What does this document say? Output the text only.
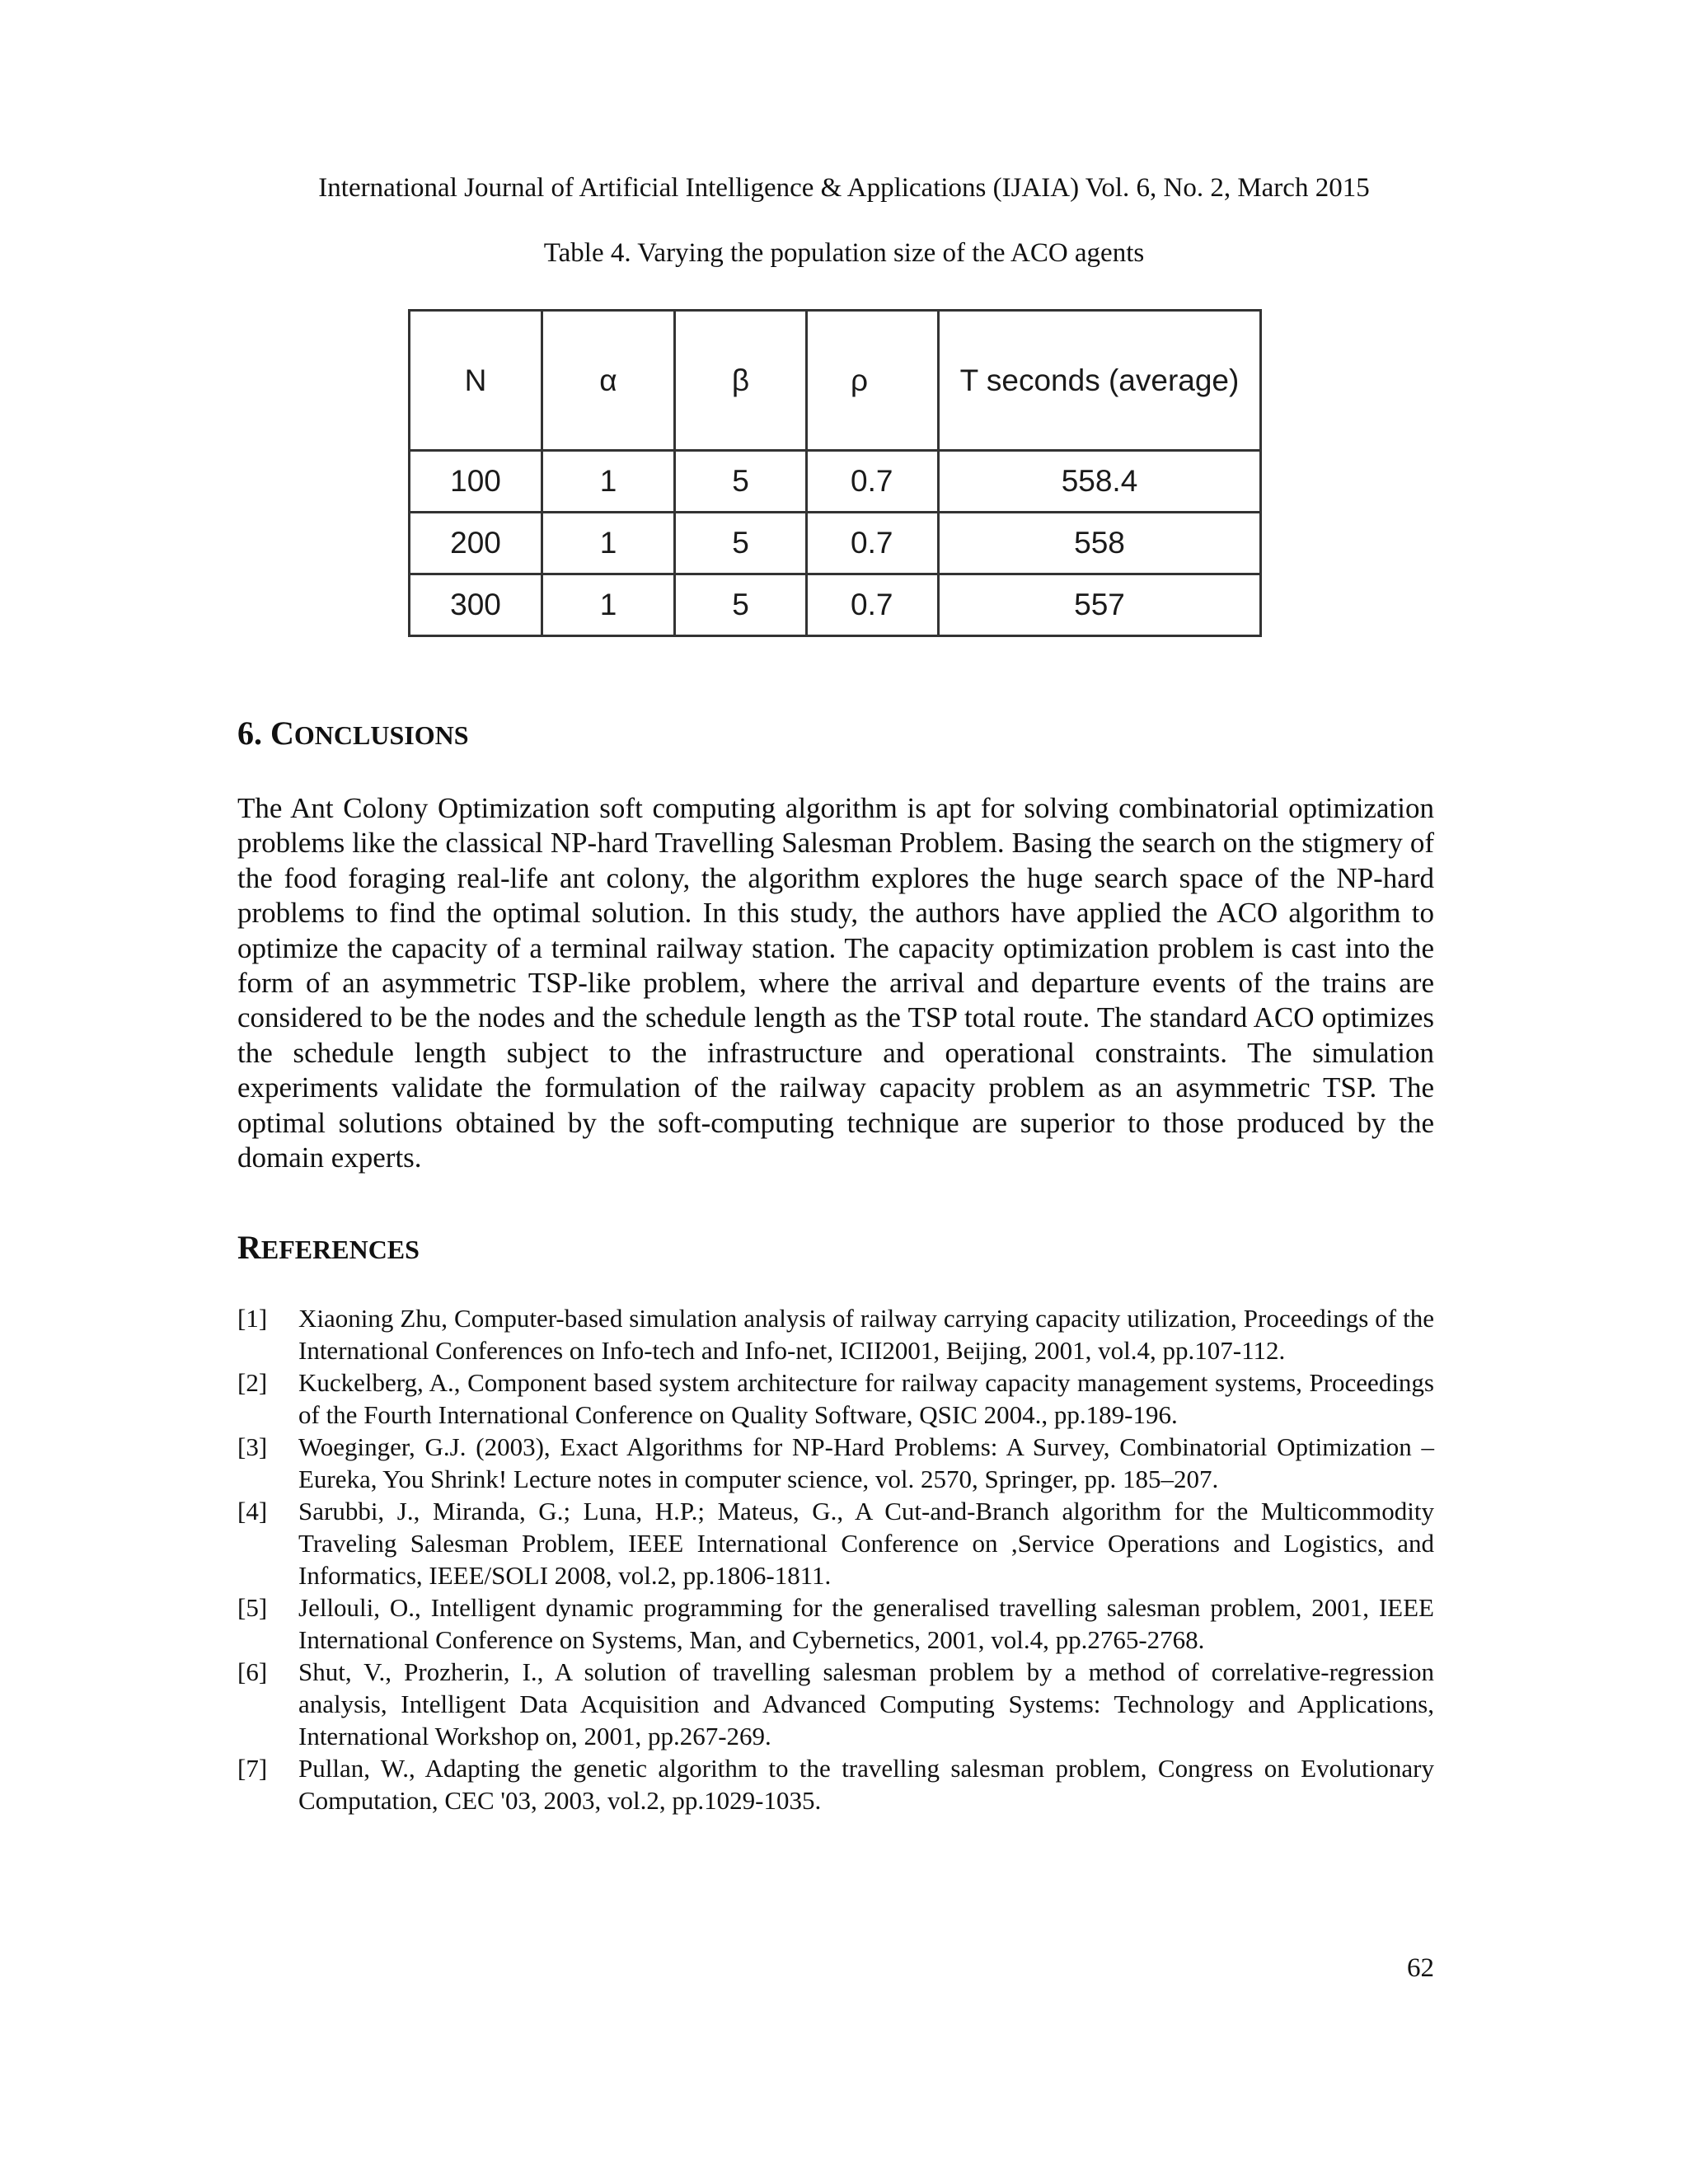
International Journal of Artificial Intelligence & Applications (IJAIA) Vol. 6, No. 2, March 2015
Table 4. Varying the population size of the ACO agents
N	α	β	ρ	T seconds (average)
100	1	5	0.7	558.4
200	1	5	0.7	558
300	1	5	0.7	557
6. CONCLUSIONS
The Ant Colony Optimization soft computing algorithm is apt for solving combinatorial optimization problems like the classical NP-hard Travelling Salesman Problem. Basing the search on the stigmery of the food foraging real-life ant colony, the algorithm explores the huge search space of the NP-hard problems to find the optimal solution. In this study, the authors have applied the ACO algorithm to optimize the capacity of a terminal railway station. The capacity optimization problem is cast into the form of an asymmetric TSP-like problem, where the arrival and departure events of the trains are considered to be the nodes and the schedule length as the TSP total route. The standard ACO optimizes the schedule length subject to the infrastructure and operational constraints. The simulation experiments validate the formulation of the railway capacity problem as an asymmetric TSP. The optimal solutions obtained by the soft-computing technique are superior to those produced by the domain experts.
REFERENCES
[1]	Xiaoning Zhu, Computer-based simulation analysis of railway carrying capacity utilization, Proceedings of the International Conferences on Info-tech and Info-net, ICII2001, Beijing, 2001, vol.4, pp.107-112.
[2]	Kuckelberg, A., Component based system architecture for railway capacity management systems, Proceedings of the Fourth International Conference on Quality Software, QSIC 2004., pp.189-196.
[3]	Woeginger, G.J. (2003), Exact Algorithms for NP-Hard Problems: A Survey, Combinatorial Optimization – Eureka, You Shrink! Lecture notes in computer science, vol. 2570, Springer, pp. 185–207.
[4]	Sarubbi, J., Miranda, G.; Luna, H.P.; Mateus, G., A Cut-and-Branch algorithm for the Multicommodity Traveling Salesman Problem, IEEE International Conference on ,Service Operations and Logistics, and Informatics, IEEE/SOLI 2008, vol.2, pp.1806-1811.
[5]	Jellouli, O., Intelligent dynamic programming for the generalised travelling salesman problem, 2001, IEEE International Conference on Systems, Man, and Cybernetics, 2001, vol.4, pp.2765-2768.
[6]	Shut, V., Prozherin, I., A solution of travelling salesman problem by a method of correlative-regression analysis, Intelligent Data Acquisition and Advanced Computing Systems: Technology and Applications, International Workshop on, 2001, pp.267-269.
[7]	Pullan, W., Adapting the genetic algorithm to the travelling salesman problem, Congress on Evolutionary Computation, CEC '03, 2003, vol.2, pp.1029-1035.
62
